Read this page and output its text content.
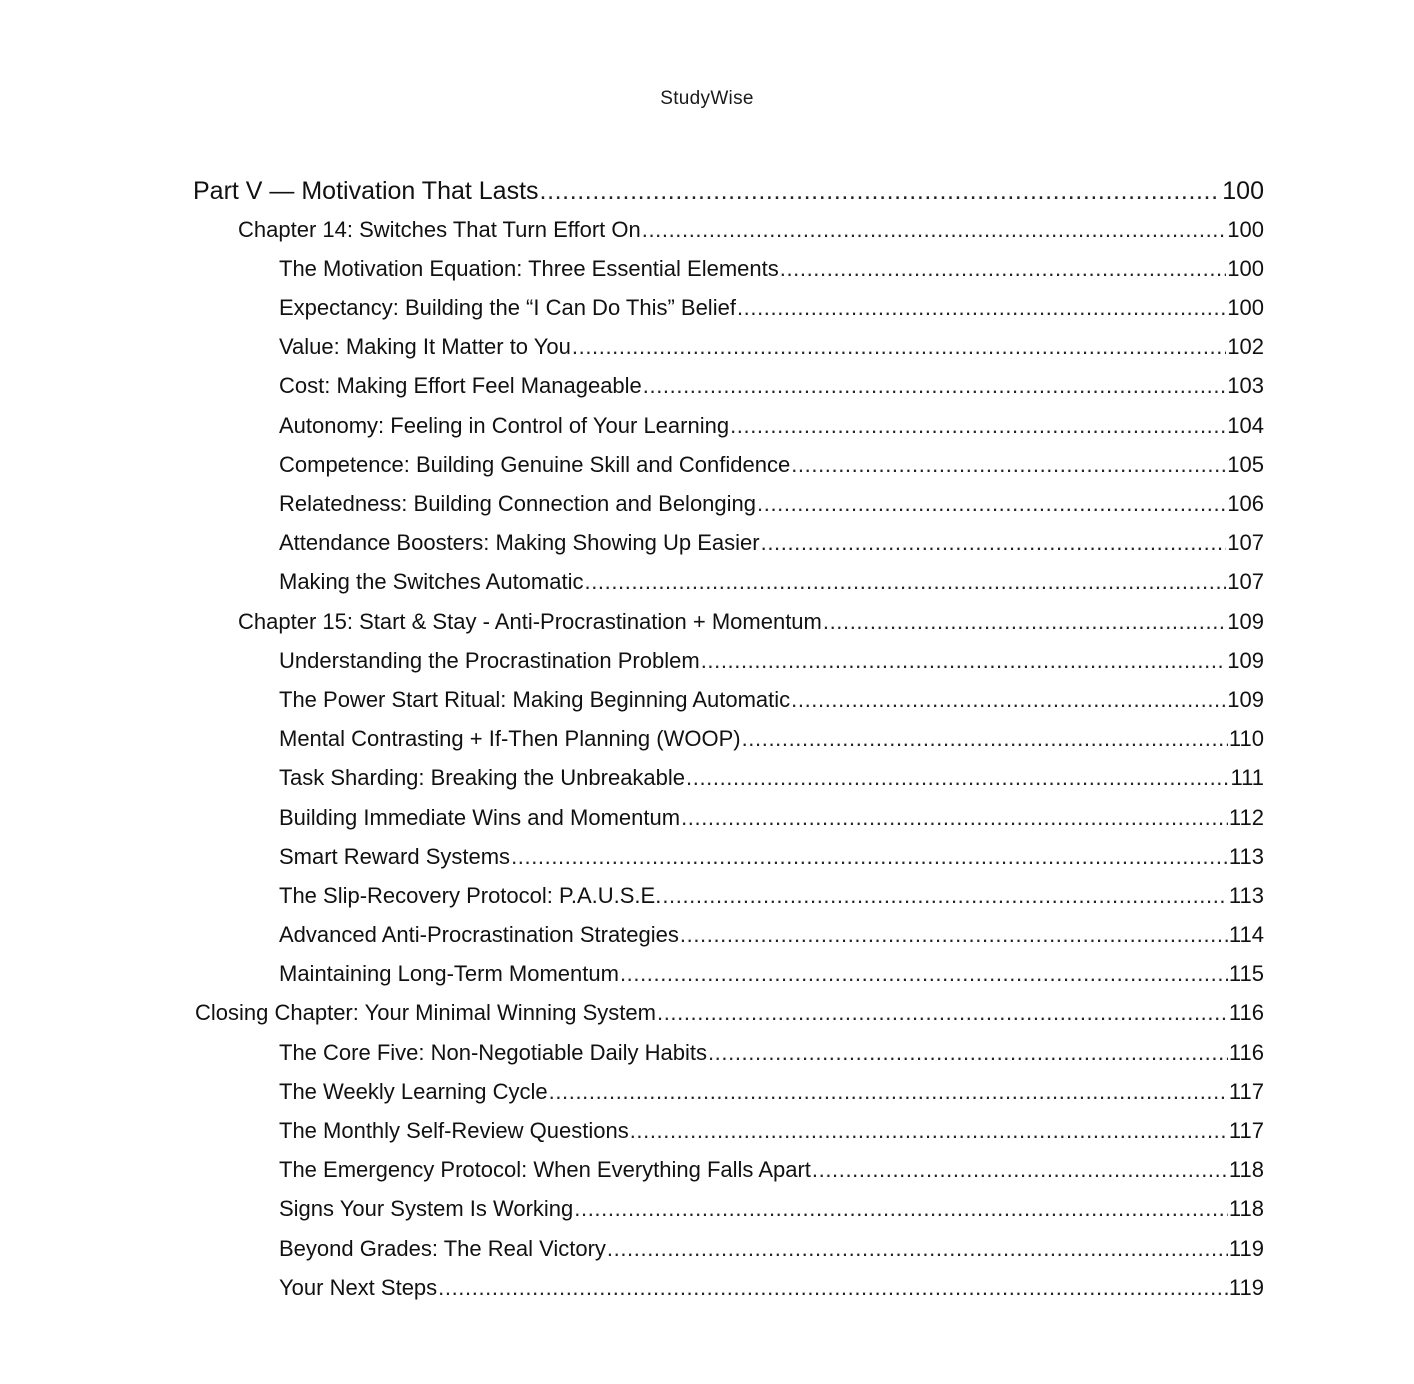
StudyWise
Part V — Motivation That Lasts .....	100
Chapter 14: Switches That Turn Effort On .....	100
The Motivation Equation: Three Essential Elements .....	100
Expectancy: Building the “I Can Do This” Belief .....	100
Value: Making It Matter to You .....	102
Cost: Making Effort Feel Manageable .....	103
Autonomy: Feeling in Control of Your Learning .....	104
Competence: Building Genuine Skill and Confidence .....	105
Relatedness: Building Connection and Belonging .....	106
Attendance Boosters: Making Showing Up Easier .....	107
Making the Switches Automatic .....	107
Chapter 15: Start & Stay - Anti-Procrastination + Momentum .....	109
Understanding the Procrastination Problem .....	109
The Power Start Ritual: Making Beginning Automatic .....	109
Mental Contrasting + If-Then Planning (WOOP) .....	110
Task Sharding: Breaking the Unbreakable .....	111
Building Immediate Wins and Momentum .....	112
Smart Reward Systems .....	113
The Slip-Recovery Protocol: P.A.U.S.E. .....	113
Advanced Anti-Procrastination Strategies .....	114
Maintaining Long-Term Momentum .....	115
Closing Chapter: Your Minimal Winning System .....	116
The Core Five: Non-Negotiable Daily Habits .....	116
The Weekly Learning Cycle .....	117
The Monthly Self-Review Questions .....	117
The Emergency Protocol: When Everything Falls Apart .....	118
Signs Your System Is Working .....	118
Beyond Grades: The Real Victory .....	119
Your Next Steps .....	119
